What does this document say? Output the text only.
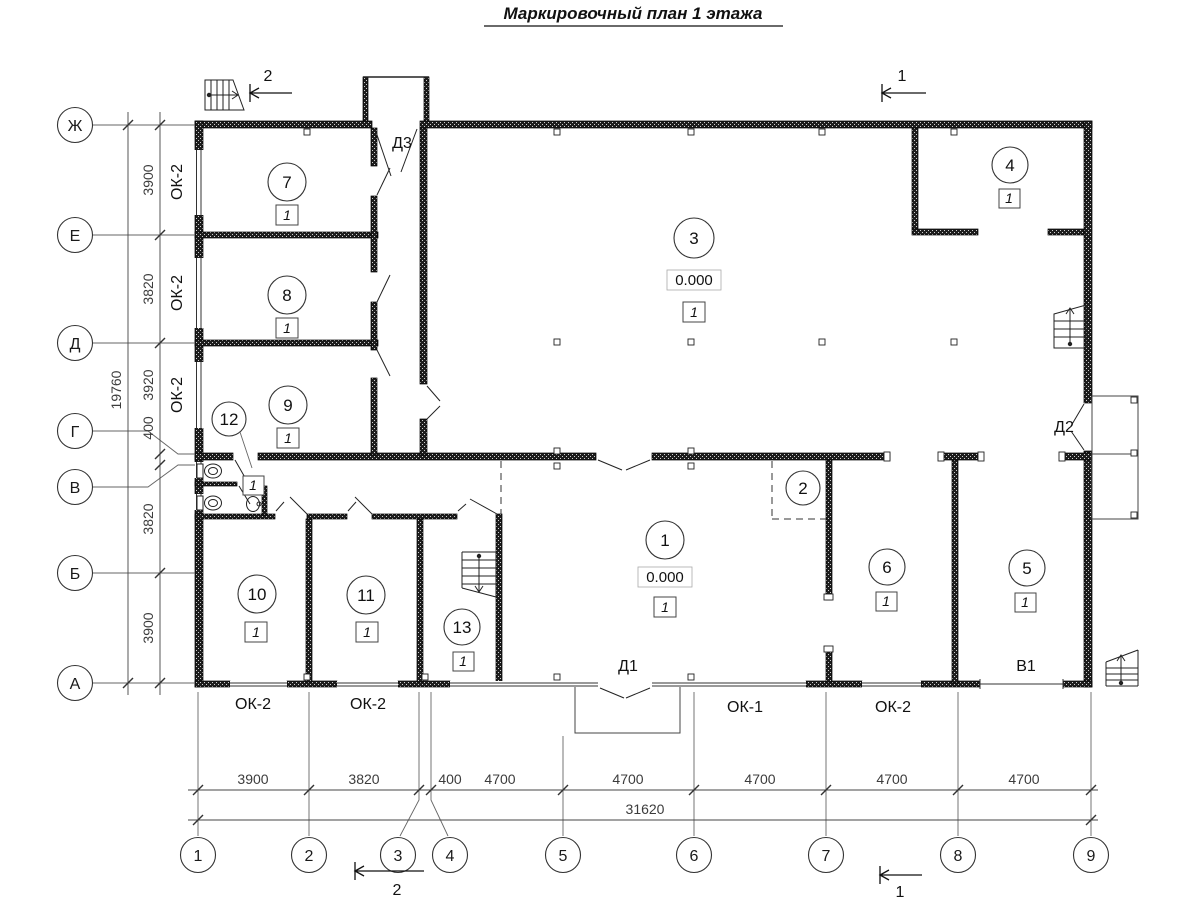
Маркировочный план 1 этажа
7
1
8
1
9
1
12
1
10
1
11
1	13
1
1
0.000
1
2
3
0.000
1
4
1
6
1
5
1
Д3
Д2
Д1	В1
ОК-2	ОК-2	ОК-1	ОК-2
ОК-2
ОК-2
ОК-2
3900
3820
3920
400
3820
3900
19760
Ж
Е
Д
Г
В
Б
А
3900	3820	400 4700	4700	4700	4700	4700
31620
1	2	3	4	5	6	7	8	9
2	1
2	1
